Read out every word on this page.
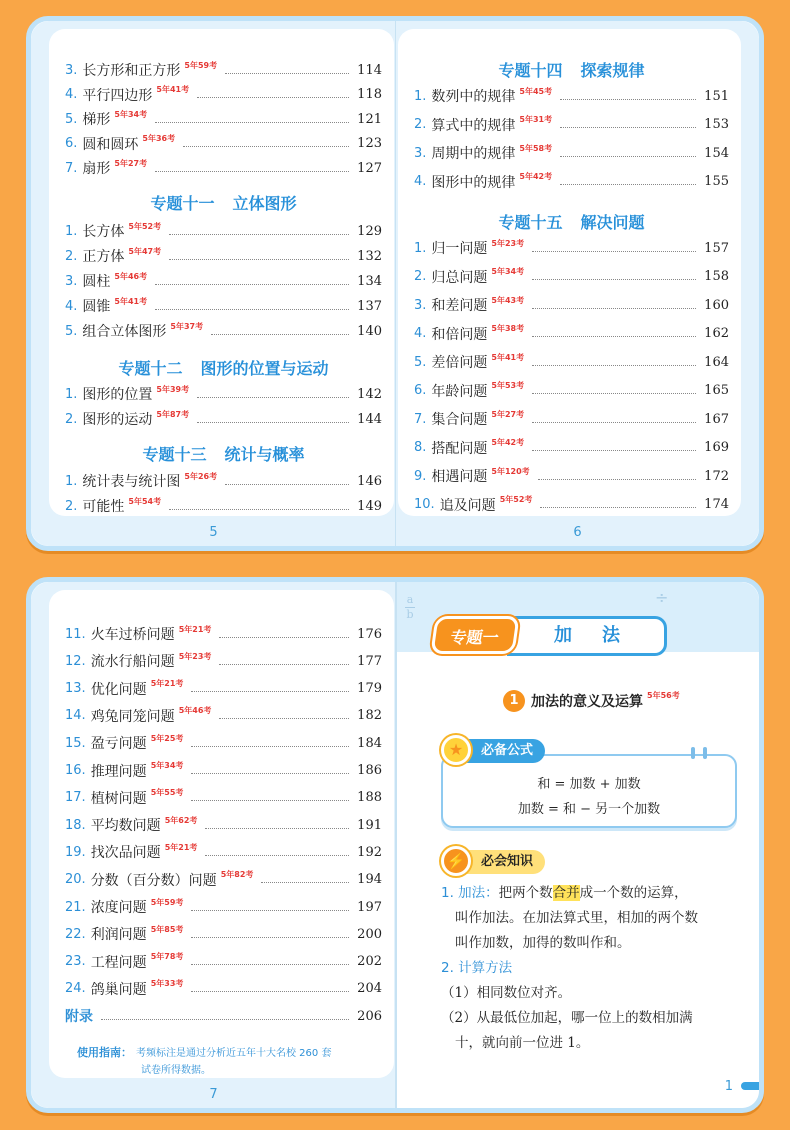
3. 长方形和正方形 5年59考	114
4. 平行四边形 5年41考	118
5. 梯形 5年34考	121
6. 圆和圆环 5年36考	123
7. 扇形 5年27考	127
专题十一 立体图形
1. 长方体 5年52考	129
2. 正方体 5年47考	132
3. 圆柱 5年46考	134
4. 圆锥 5年41考	137
5. 组合立体图形 5年37考	140
专题十二 图形的位置与运动
1. 图形的位置 5年39考	142
2. 图形的运动 5年87考	144
专题十三 统计与概率
1. 统计表与统计图 5年26考	146
2. 可能性 5年54考	149
5
专题十四 探索规律
1. 数列中的规律 5年45考	151
2. 算式中的规律 5年31考	153
3. 周期中的规律 5年58考	154
4. 图形中的规律 5年42考	155
专题十五 解决问题
1. 归一问题 5年23考	157
2. 归总问题 5年34考	158
3. 和差问题 5年43考	160
4. 和倍问题 5年38考	162
5. 差倍问题 5年41考	164
6. 年龄问题 5年53考	165
7. 集合问题 5年27考	167
8. 搭配问题 5年42考	169
9. 相遇问题 5年120考	172
10. 追及问题 5年52考	174
6
11. 火车过桥问题 5年21考	176
12. 流水行船问题 5年23考	177
13. 优化问题 5年21考	179
14. 鸡兔同笼问题 5年46考	182
15. 盈亏问题 5年25考	184
16. 推理问题 5年34考	186
17. 植树问题 5年55考	188
18. 平均数问题 5年62考	191
19. 找次品问题 5年21考	192
20. 分数（百分数）问题 5年82考	194
21. 浓度问题 5年59考	197
22. 利润问题 5年85考	200
23. 工程问题 5年78考	202
24. 鸽巢问题 5年33考	204
附录	206
使用指南： 考频标注是通过分析近五年十大名校 260 套
试卷所得数据。
7
a
b
÷
专题一	加法
1 加法的意义及运算 5年56考
★	必备公式
和 = 加数 + 加数
加数 = 和 − 另一个加数
⚡	必会知识
1. 加法：把两个数合并成一个数的运算，
叫作加法。在加法算式里，相加的两个数
叫作加数，加得的数叫作和。
2. 计算方法
（1）相同数位对齐。
（2）从最低位加起，哪一位上的数相加满
十，就向前一位进 1。
1
